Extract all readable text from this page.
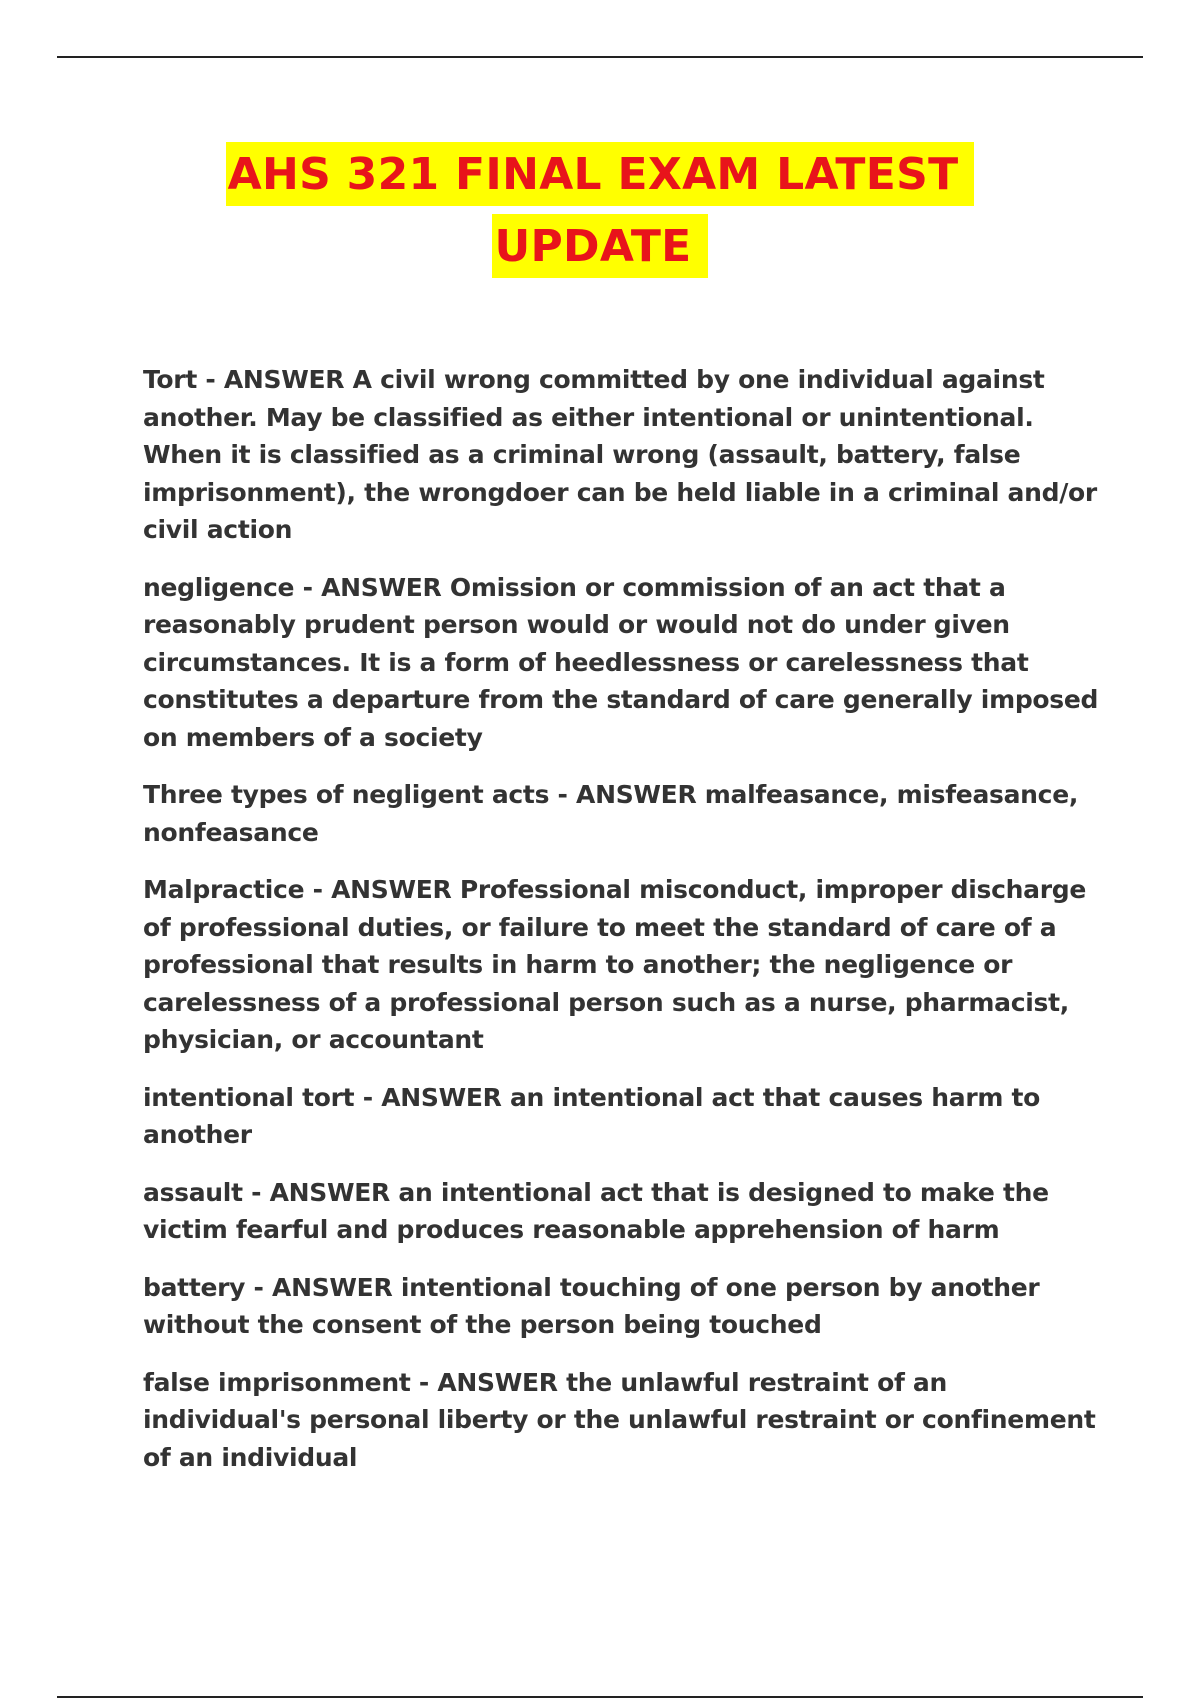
AHS 321 FINAL EXAM LATEST
UPDATE

Tort - ANSWER A civil wrong committed by one individual against another. May be classified as either intentional or unintentional. When it is classified as a criminal wrong (assault, battery, false imprisonment), the wrongdoer can be held liable in a criminal and/or civil action

negligence - ANSWER Omission or commission of an act that a reasonably prudent person would or would not do under given circumstances. It is a form of heedlessness or carelessness that constitutes a departure from the standard of care generally imposed on members of a society

Three types of negligent acts - ANSWER malfeasance, misfeasance, nonfeasance

Malpractice - ANSWER Professional misconduct, improper discharge of professional duties, or failure to meet the standard of care of a professional that results in harm to another; the negligence or carelessness of a professional person such as a nurse, pharmacist, physician, or accountant

intentional tort - ANSWER an intentional act that causes harm to another

assault - ANSWER an intentional act that is designed to make the victim fearful and produces reasonable apprehension of harm

battery - ANSWER intentional touching of one person by another without the consent of the person being touched

false imprisonment - ANSWER the unlawful restraint of an individual's personal liberty or the unlawful restraint or confinement of an individual
